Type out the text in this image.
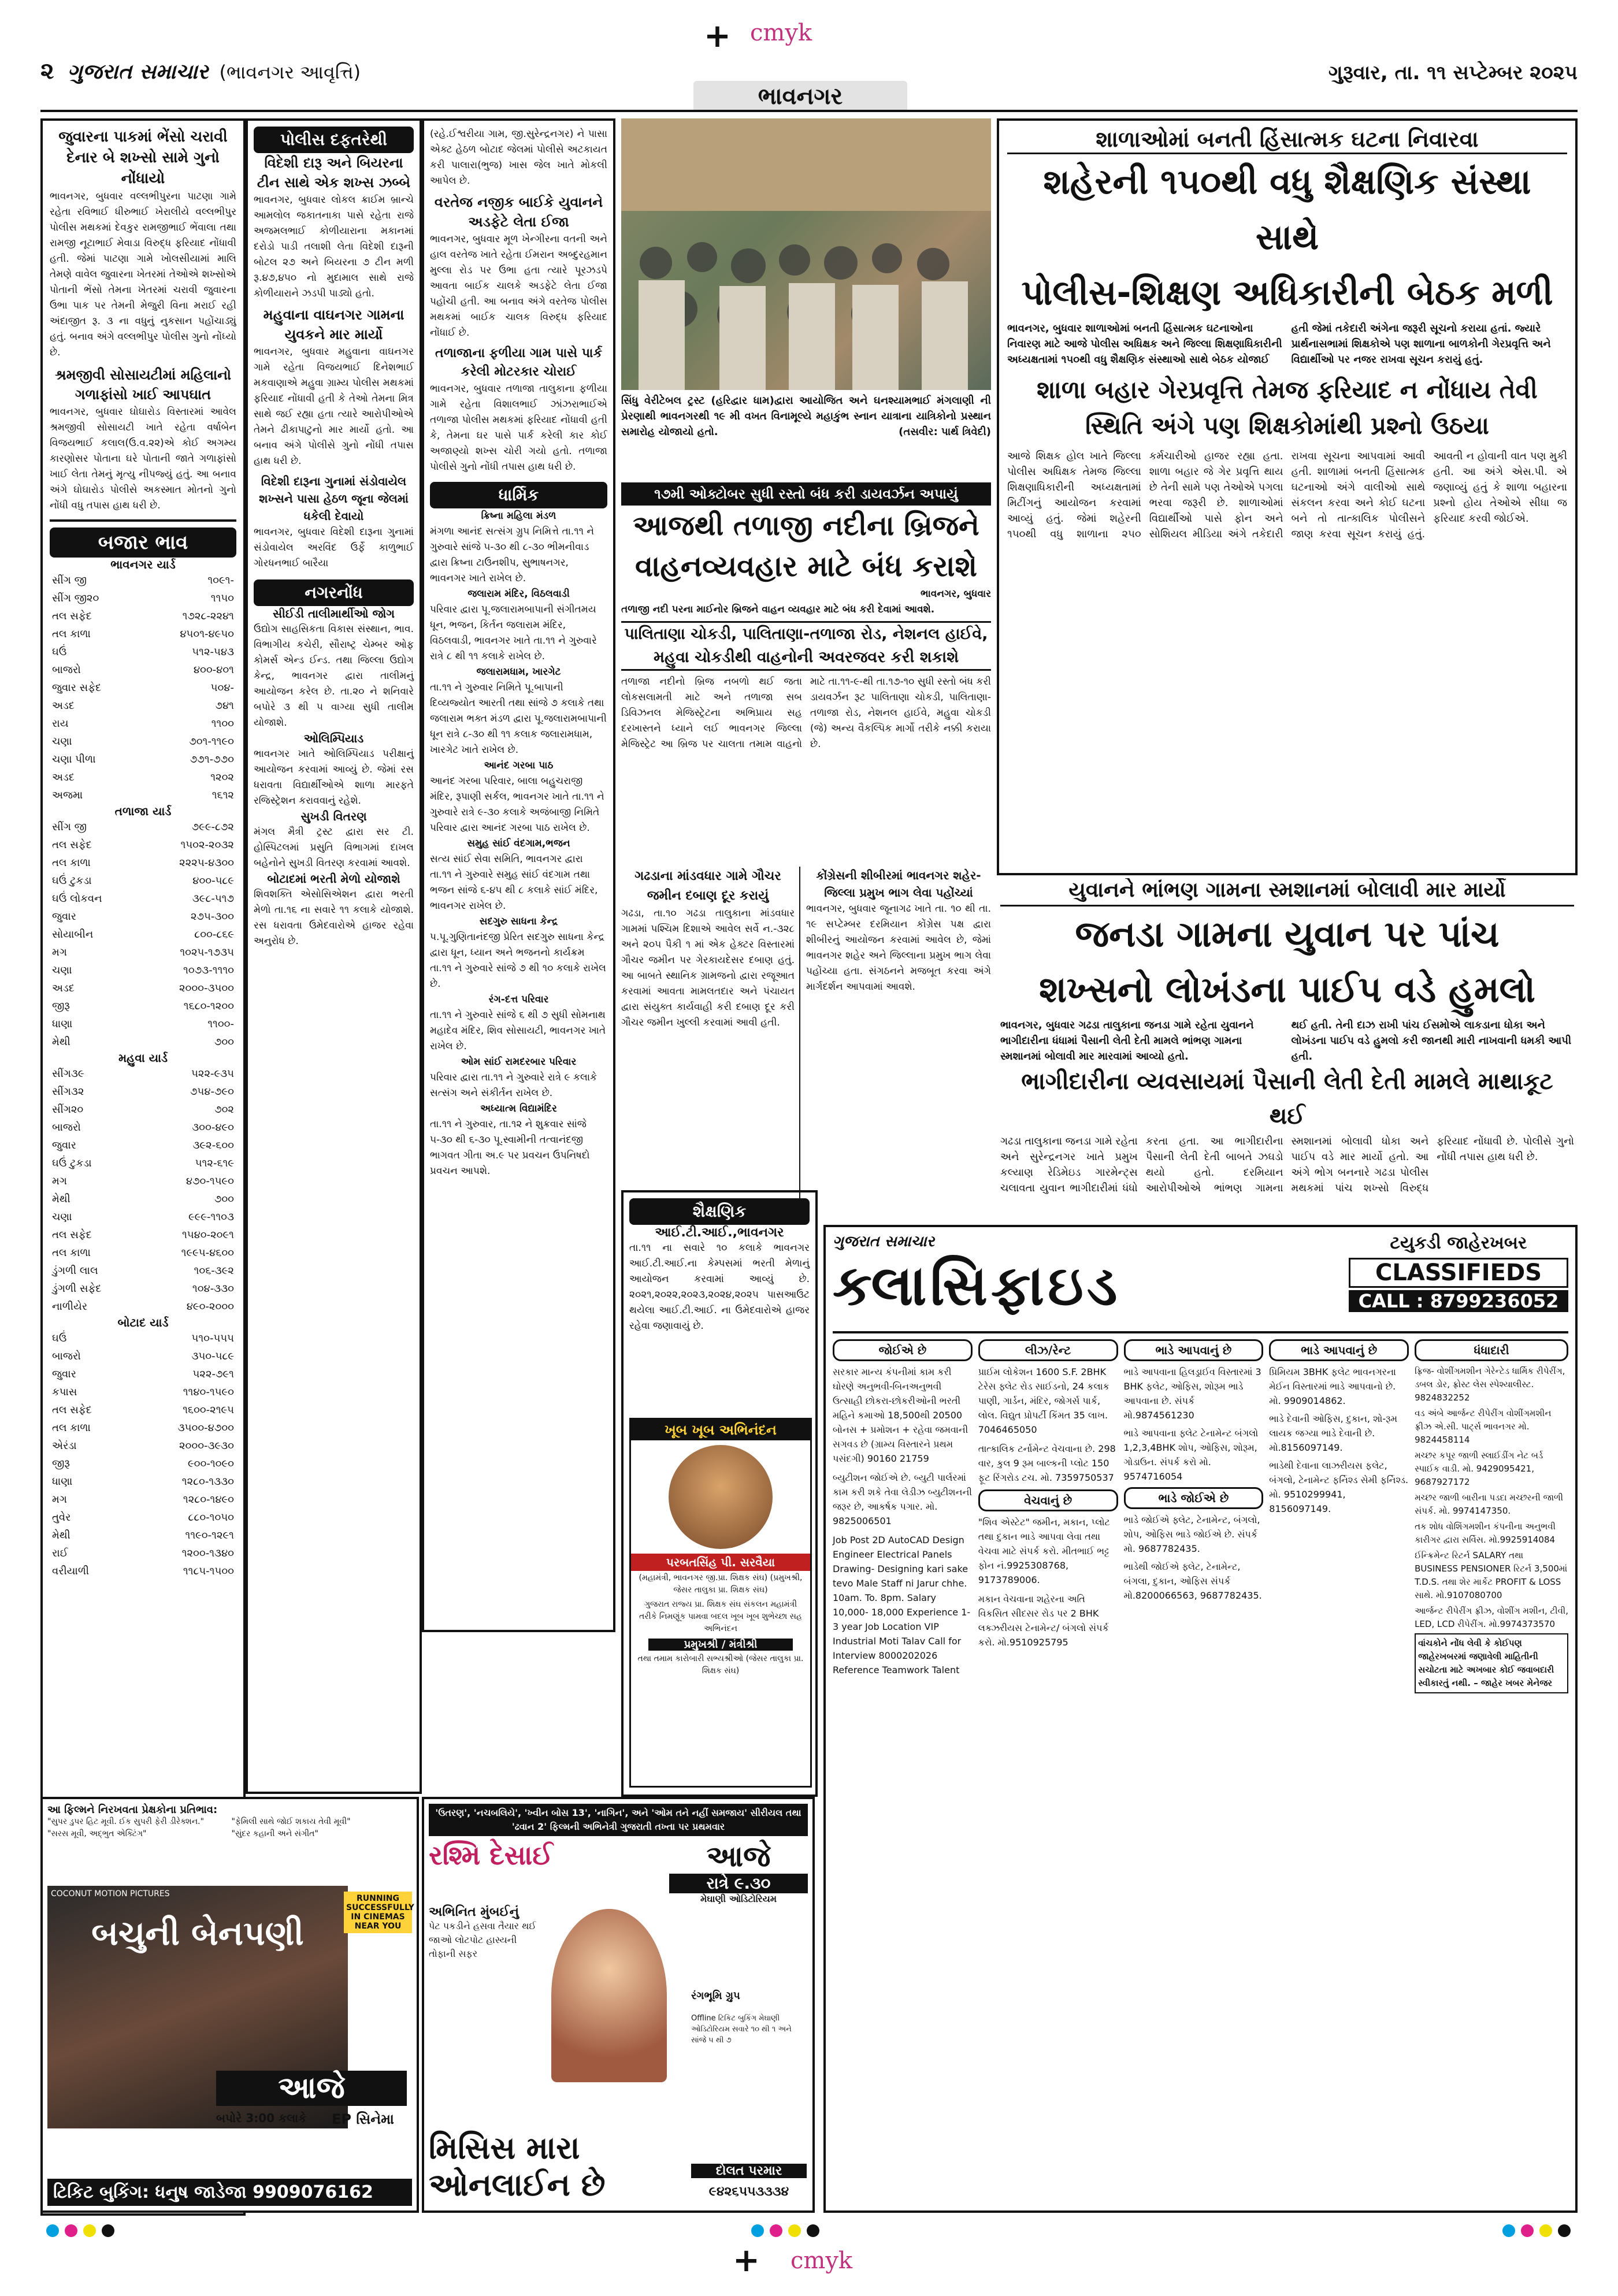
+ cmyk
+ cmyk
૨ ગુજરાત સમાચાર (ભાવનગર આવૃત્તિ)	ગુરૂવાર, તા. ૧૧ સપ્ટેમ્બર ૨૦૨૫
ભાવનગર
જુવારના પાકમાં ભેંસો ચરાવી દેનાર બે શખ્સો સામે ગુનો નોંધાયો
ભાવનગર, બુધવાર વલ્લભીપુરના પાટણા ગામે રહેતા રવિભાઈ ધીરુભાઈ ખેરાલીયે વલ્લભીપુર પોલીસ મથકમાં દેવકુર રામજીભાઈ ભેંવાલા તથા રામજી નૂટાભાઈ મેવાડા વિરુદ્ધ ફરિયાદ નોંધાવી હતી. જેમાં પાટણા ગામે ખોલસીયામાં માલિ તેમણે વાવેલ જુવારના ખેતરમાં તેઓએ શખ્સોએ પોતાની ભેંસો તેમના ખેતરમાં ચરાવી જુવારના ઉભા પાક પર તેમની મેજુરી વિના મરાઈ રહી અંદાજીત રૂ. ૩ ના વધુનું નુકસાન પહોંચાડ્યું હતું. બનાવ અંગે વલ્લભીપુર પોલીસ ગુનો નોંધ્યો છે.
શ્રમજીવી સોસાયટીમાં મહિલાનો ગળાફાંસો ખાઈ આપઘાત
ભાવનગર, બુધવાર ઘોઘારોડ વિસ્તારમાં આવેલ શ્રમજીવી સોસાયટી ખાતે રહેતા વર્ષાબેન વિજયભાઈ કલાલ(ઉ.વ.૨૨)એ કોઈ અગમ્ય કારણોસર પોતાના ઘરે પોતાની જાતે ગળાફાંસો ખાઈ લેતા તેમનું મૃત્યુ નીપજ્યું હતું. આ બનાવ અંગે ઘોઘારોડ પોલીસે અકસ્માત મોતનો ગુનો નોંધી વધુ તપાસ હાથ ધરી છે.
બજાર ભાવ
ભાવનગર યાર્ડ
સીંગ જી	૧૦૯૧-
સીંગ જી૨૦	૧૧૫૦
તલ સફેદ	૧૭૨૮-૨૨૪૧
તલ કાળા	૪૫૦૧-૪૯૫૦
ઘઉં	૫૧૨-૫૪૩
બાજરો	૪૦૦-૪૦૧
જુવાર સફેદ	૫૦૪-
અડદ	૭૪૧
રાય	૧૧૦૦
ચણા	૭૦૧-૧૧૯૦
ચણા પીળા	૭૭૧-૭૭૦
અડદ	૧૨૦૨
અજમા	૧૬૧૨
તળાજા યાર્ડ
સીંગ જી	૭૯૯-૮૭૨
તલ સફેદ	૧૫૦૨-૨૦૩૨
તલ કાળા	૨૨૨૫-૪૩૦૦
ઘઉં ટુકડા	૪૦૦-૫૮૯
ઘઉં લોકવન	૩૯૮-૫૧૭
જુવાર	૨૭૫-૩૦૦
સોયાબીન	૮૦૦-૮૬૯
મગ	૧૦૨૫-૧૭૩૫
ચણા	૧૦૭૩-૧૧૧૦
અડદ	૨૦૦૦-૩૫૦૦
જીરૂ	૧૬૮૦-૧૨૦૦
ધાણા	૧૧૦૦-
મેથી	૭૦૦
મહુવા યાર્ડ
સીંગ૩૯	૫૨૨-૯૩૫
સીંગ૩૨	૭૫૪-૭૯૦
સીંગ૨૦	૭૦૨
બાજરો	૩૦૦-૪૯૦
જુવાર	૩૯૨-૬૦૦
ઘઉં ટુકડા	૫૧૨-૬૧૯
મગ	૪૭૦-૧૫૯૦
મેથી	૭૦૦
ચણા	૯૯૯-૧૧૦૩
તલ સફેદ	૧૫૪૦-૨૦૯૧
તલ કાળા	૧૯૯૫-૪૬૦૦
ડુંગળી લાલ	૧૦૬-૩૯૨
ડુંગળી સફેદ	૧૦૪-૩૩૦
નાળીયેર	૪૯૦-૨૦૦૦
બોટાદ યાર્ડ
ઘઉં	૫૧૦-૫૫૫
બાજરો	૩૫૦-૫૮૯
જુવાર	૫૨૨-૭૯૧
કપાસ	૧૧૪૦-૧૫૯૦
તલ સફેદ	૧૬૦૦-૨૧૯૫
તલ કાળા	૩૫૦૦-૪૭૦૦
એરંડા	૨૦૦૦-૩૯૩૦
જીરૂ	૯૦૦-૧૦૯૦
ધાણા	૧૨૮૦-૧૩૩૦
મગ	૧૨૮૦-૧૪૯૦
તુવેર	૮૮૦-૧૦૫૦
મેથી	૧૧૯૦-૧૨૯૧
રાઈ	૧૨૦૦-૧૩૪૦
વરીયાળી	૧૧૮૫-૧૫૦૦
પોલીસ દફતરેથી
વિદેશી દારૂ અને બિયરના ટીન સાથે એક શખ્સ ઝબ્બે
ભાવનગર, બુધવાર લોકલ ક્રાઈમ બ્રાન્ચે આમલોલ જકાતનાકા પાસે રહેતા રાજે અજમલભાઈ કોળીયારાના મકાનમાં દરોડો પાડી તલાશી લેતા વિદેશી દારૂની બોટલ ૨૭ અને બિયરના ૭ ટીન મળી રૂ.૪૭,૪૫૦ નો મુદામાલ સાથે રાજે કોળીયારાને ઝડપી પાડ્યો હતો.
મહુવાના વાઘનગર ગામના યુવકને માર માર્યો
ભાવનગર, બુધવાર મહુવાના વાઘનગર ગામે રહેતા વિજયભાઈ દિનેશભાઈ મકવાણાએ મહુવા ગ્રામ્ય પોલીસ મથકમાં ફરિયાદ નોંધાવી હતી કે તેઓ તેમના મિત્ર સાથે જઈ રહ્યા હતા ત્યારે આરોપીઓએ તેમને ઢીકાપાટુનો માર માર્યો હતો. આ બનાવ અંગે પોલીસે ગુનો નોંધી તપાસ હાથ ધરી છે.
વિદેશી દારૂના ગુનામાં સંડોવાયેલ શખ્સને પાસા હેઠળ જૂના જેલમાં ધકેલી દેવાયો
ભાવનગર, બુધવાર વિદેશી દારૂના ગુનામાં સંડોવાયેલ અરવિંદ ઉર્ફે કાળુભાઈ ગોરધનભાઈ બારૈયા
નગરનોંધ
સીઈડી તાલીમાર્થીઓ જોગ
ઉદ્યોગ સાહસિકતા વિકાસ સંસ્થાન, ભાવ. વિભાગીય કચેરી, સૌરાષ્ટ્ર ચેમ્બર ઓફ કોમર્સ એન્ડ ઈન્ડ. તથા જિલ્લા ઉદ્યોગ કેન્દ્ર, ભાવનગર દ્વારા તાલીમનું આયોજન કરેલ છે. તા.૨૦ ને શનિવારે બપોરે ૩ થી ૫ વાગ્યા સુધી તાલીમ યોજાશે.
ઓલિમ્પિયાડ
ભાવનગર ખાતે ઓલિમ્પિયાડ પરીક્ષાનું આયોજન કરવામાં આવ્યું છે. જેમાં રસ ધરાવતા વિદ્યાર્થીઓએ શાળા મારફતે રજિસ્ટ્રેશન કરાવવાનું રહેશે.
સુખડી વિતરણ
મંગલ મૈત્રી ટ્રસ્ટ દ્વારા સર ટી. હોસ્પિટલમાં પ્રસુતિ વિભાગમાં દાખલ બહેનોને સુખડી વિતરણ કરવામાં આવશે.
બોટાદમાં ભરતી મેળો યોજાશે
શિવશક્તિ એસોસિએશન દ્વારા ભરતી મેળો તા.૧૬ ના સવારે ૧૧ કલાકે યોજાશે. રસ ધરાવતા ઉમેદવારોએ હાજર રહેવા અનુરોધ છે.
(રહે.ઈશ્વરીયા ગામ, જી.સુરેન્દ્રનગર) ને પાસા એક્ટ હેઠળ બોટાદ જેલમાં પોલીસે અટકાયત કરી પાલારા(ભુજ) ખાસ જેલ ખાતે મોકલી આપેલ છે.
વરતેજ નજીક બાઈકે યુવાનને અડફેટે લેતા ઈજા
ભાવનગર, બુધવાર મૂળ ખેન્ગીરના વતની અને હાલ વરતેજ ખાતે રહેતા ઈમરાન અબ્દુરહમાન મુલ્લા રોડ પર ઉભા હતા ત્યારે પૂરઝડપે આવતા બાઈક ચાલકે અડફેટે લેતા ઈજા પહોંચી હતી. આ બનાવ અંગે વરતેજ પોલીસ મથકમાં બાઈક ચાલક વિરુદ્ધ ફરિયાદ નોંધાઈ છે.
તળાજાના ફળીયા ગામ પાસે પાર્ક કરેલી મોટરકાર ચોરાઈ
ભાવનગર, બુધવાર તળાજા તાલુકાના ફળીયા ગામે રહેતા વિશાલભાઈ ઝાંઝરાભાઈએ તળાજા પોલીસ મથકમાં ફરિયાદ નોંધાવી હતી કે, તેમના ઘર પાસે પાર્ક કરેલી કાર કોઈ અજાણ્યો શખ્સ ચોરી ગયો હતો. તળાજા પોલીસે ગુનો નોંધી તપાસ હાથ ધરી છે.
ધાર્મિક
ક્રિષ્ના મહિલા મંડળ
મંગળા આનંદ સત્સંગ ગ્રુપ નિમિત્તે તા.૧૧ ને ગુરુવારે સાંજે ૫-૩૦ થી ૮-૩૦ ભીમનીવાડ દ્વારા ક્રિષ્ના ટાઉનશીપ, સુભાષનગર, ભાવનગર ખાતે રાખેલ છે.
જલારામ મંદિર, વિઠલવાડી
પરિવાર દ્વારા પૂ.જલારામબાપાની સંગીતમય ધૂન, ભજન, કિર્તન જલારામ મંદિર, વિઠલવાડી, ભાવનગર ખાતે તા.૧૧ ને ગુરુવારે રાત્રે ૮ થી ૧૧ કલાકે રાખેલ છે.
જલારામધામ, ખારગેટ
તા.૧૧ ને ગુરુવાર નિમિતે પૂ.બાપાની દિવ્યજ્યોત આરતી તથા સાંજે ૭ કલાકે તથા જલારામ ભક્ત મંડળ દ્વારા પૂ.જલારામબાપાની ધૂન રાત્રે ૮-૩૦ થી ૧૧ કલાક જલારામધામ, ખારગેટ ખાતે રાખેલ છે.
આનંદ ગરબા પાઠ
આનંદ ગરબા પરિવાર, બાલા બહુચરાજી મંદિર, રૂપાણી સર્કલ, ભાવનગર ખાતે તા.૧૧ ને ગુરુવારે રાત્રે ૯-૩૦ કલાકે અજંબાજી નિમિતે પરિવાર દ્વારા આનંદ ગરબા પાઠ રાખેલ છે.
સમુહ સાંઈ વંદગામ,ભજન
સત્ય સાંઈ સેવા સમિતિ, ભાવનગર દ્વારા તા.૧૧ ને ગુરુવારે સમુહ સાંઈ વંદગામ તથા ભજન સાંજે ૬-૪૫ થી ૮ કલાકે સાંઈ મંદિર, ભાવનગર રાખેલ છે.
સદગુરુ સાધના કેન્દ્ર
પ.પૂ.ગુણિતાનંદજી પ્રેરિત સદગુરુ સાધના કેન્દ્ર દ્વારા ધૂન, ધ્યાન અને ભજનનો કાર્યક્રમ તા.૧૧ ને ગુરુવારે સાંજે ૭ થી ૧૦ કલાકે રાખેલ છે.
રંગ-દત્ત પરિવાર
તા.૧૧ ને ગુરુવારે સાંજે ૬ થી ૭ સુધી સોમનાથ મહાદેવ મંદિર, શિવ સોસાયટી, ભાવનગર ખાતે રાખેલ છે.
ઓમ સાંઈ રામદરબાર પરિવાર
પરિવાર દ્વારા તા.૧૧ ને ગુરુવારે રાત્રે ૯ કલાકે સત્સંગ અને સંકીર્તન રાખેલ છે.
અધ્યાત્મ વિદ્યામંદિર
તા.૧૧ ને ગુરુવાર, તા.૧૨ ને શુક્રવાર સાંજે ૫-૩૦ થી ૬-૩૦ પૂ.સ્વામીની તત્વાનંદજી ભાગવત ગીતા અ.૯ પર પ્રવચન ઉપનિષદો પ્રવચન આપશે.
સિંધુ વેરીટેબલ ટ્રસ્ટ (હરિદ્વાર ધામ)દ્વારા આયોજિત અને ઘનશ્યામભાઈ મંગલાણી ની પ્રેરણાથી ભાવનગરથી ૧૯ મી વખત વિનામૂલ્યે મહાકુંભ સ્નાન યાત્રાના યાત્રિકોનો પ્રસ્થાન સમારોહ યોજાયો હતો.	(તસવીર: પાર્થ ત્રિવેદી)
૧૭મી ઓક્ટોબર સુધી રસ્તો બંધ કરી ડાયવર્ઝન અપાયું
આજથી તળાજી નદીના બ્રિજને
વાહનવ્યવહાર માટે બંધ કરાશે
ભાવનગર, બુધવાર
તળાજી નદી પરના માઈનોર બ્રિજને વાહન વ્યવહાર માટે બંધ કરી દેવામાં આવશે.
પાલિતાણા ચોકડી, પાલિતાણા-તળાજા રોડ, નેશનલ હાઈવે, મહુવા ચોકડીથી વાહનોની અવરજવર કરી શકાશે
તળાજા નદીનો બ્રિજ નબળો થઈ જતા લોકસલામતી માટે અને તળાજા સબ ડિવિઝનલ મેજિસ્ટ્રેટના અભિપ્રાય સહ દરખાસ્તને ધ્યાને લઈ ભાવનગર જિલ્લા મેજિસ્ટ્રેટ આ બ્રિજ પર ચાલતા તમામ વાહનો માટે તા.૧૧-૯-થી તા.૧૭-૧૦ સુધી રસ્તો બંધ કરી ડાયવર્ઝન રૂટ પાલિતાણા ચોકડી, પાલિતાણા-તળાજા રોડ, નેશનલ હાઈવે, મહુવા ચોકડી (જે) અન્ય વૈકલ્પિક માર્ગો તરીકે નક્કી કરાયા છે.
ગઢડાના માંડવધાર ગામે ગૌચર જમીન દબાણ દૂર કરાયું
ગઢડા, તા.૧૦ ગઢડા તાલુકાના માંડવધાર ગામમાં પશ્ચિમ દિશાએ આવેલ સર્વે ન.-૩૨૮ અને ૨૦૫ પૈકી ૧ માં એક હેક્ટર વિસ્તારમાં ગૌચર જમીન પર ગેરકાયદેસર દબાણ હતું. આ બાબતે સ્થાનિક ગ્રામજનો દ્વારા રજૂઆત કરવામાં આવતા મામલતદાર અને પંચાયત દ્વારા સંયુક્ત કાર્યવાહી કરી દબાણ દૂર કરી ગૌચર જમીન ખુલ્લી કરવામાં આવી હતી.
કોંગ્રેસની શીબીરમાં ભાવનગર શહેર-જિલ્લા પ્રમુખ ભાગ લેવા પહોંચ્યાં
ભાવનગર, બુધવાર જૂનાગઢ ખાતે તા. ૧૦ થી તા. ૧૯ સપ્ટેમ્બર દરમિયાન કોંગ્રેસ પક્ષ દ્વારા શીબીરનું આયોજન કરવામાં આવેલ છે, જેમાં ભાવનગર શહેર અને જિલ્લાના પ્રમુખ ભાગ લેવા પહોંચ્યા હતા. સંગઠનને મજબૂત કરવા અંગે માર્ગદર્શન આપવામાં આવશે.
શાળાઓમાં બનતી હિંસાત્મક ઘટના નિવારવા
શહેરની ૧૫૦થી વધુ શૈક્ષણિક સંસ્થા સાથે
પોલીસ-શિક્ષણ અધિકારીની બેઠક મળી
ભાવનગર, બુધવાર શાળાઓમાં બનતી હિંસાત્મક ઘટનાઓના નિવારણ માટે આજે પોલીસ અધિક્ષક અને જિલ્લા શિક્ષણાધિકારીની અધ્યક્ષતામાં ૧૫૦થી વધુ શૈક્ષણિક સંસ્થાઓ સાથે બેઠક યોજાઈ
હતી જેમાં તકેદારી અંગેના જરૂરી સૂચનો કરાયા હતાં. જ્યારે પ્રાર્થનાસભામાં શિક્ષકોએ પણ શાળાના બાળકોની ગેરપ્રવૃત્તિ અને વિદ્યાર્થીઓ પર નજર રાખવા સૂચન કરાયું હતું.
શાળા બહાર ગેરપ્રવૃત્તિ તેમજ ફરિયાદ ન નોંધાય તેવી સ્થિતિ અંગે પણ શિક્ષકોમાંથી પ્રશ્નો ઉઠયા
આજે શિક્ષક હોલ ખાતે જિલ્લા પોલીસ અધિક્ષક તેમજ જિલ્લા શિક્ષણાધિકારીની અધ્યક્ષતામાં મિટીંગનું આયોજન કરવામાં આવ્યું હતું. જેમાં શહેરની ૧૫૦થી વધુ શાળાના ૨૫૦ કર્મચારીઓ હાજર રહ્યા હતા. શાળા બહાર જે ગેર પ્રવૃત્તિ થાય છે તેની સામે પણ તેઓએ પગલા ભરવા જરૂરી છે. શાળાઓમાં વિદ્યાર્થીઓ પાસે ફોન અને સોશિયલ મીડિયા અંગે તકેદારી રાખવા સૂચના આપવામાં આવી હતી. શાળામાં બનતી હિંસાત્મક ઘટનાઓ અંગે વાલીઓ સાથે સંકલન કરવા અને કોઈ ઘટના બને તો તાત્કાલિક પોલીસને જાણ કરવા સૂચન કરાયું હતું. આવતી ન હોવાની વાત પણ મુકી હતી. આ અંગે એસ.પી. એ જણાવ્યું હતું કે શાળા બહારના પ્રશ્નો હોય તેઓએ સીધા જ ફરિયાદ કરવી જોઈએ.
યુવાનને ભાંભણ ગામના સ્મશાનમાં બોલાવી માર માર્યો
જનડા ગામના યુવાન પર પાંચ
શખ્સનો લોખંડના પાઈપ વડે હુમલો
ભાવનગર, બુધવાર ગઢડા તાલુકાના જનડા ગામે રહેતા યુવાનને ભાગીદારીના ધંધામાં પૈસાની લેતી દેતી મામલે ભાંભણ ગામના સ્મશાનમાં બોલાવી માર મારવામાં આવ્યો હતો.
થઈ હતી. તેની દાઝ રાખી પાંચ ઈસમોએ લાકડાના ધોકા અને લોખંડના પાઈપ વડે હુમલો કરી જાનથી મારી નાખવાની ધમકી આપી હતી.
ભાગીદારીના વ્યવસાયમાં પૈસાની લેતી દેતી મામલે માથાકૂટ થઈ
ગઢડા તાલુકાના જનડા ગામે રહેતા અને સુરેન્દ્રનગર ખાતે પ્રમુખ કલ્યાણ રેડિમેઇડ ગારમેન્ટ્સ ચલાવતા યુવાન ભાગીદારીમાં ધંધો કરતા હતા. આ ભાગીદારીના પૈસાની લેતી દેતી બાબતે ઝઘડો થયો હતો. દરમિયાન આરોપીઓએ ભાંભણ ગામના સ્મશાનમાં બોલાવી ધોકા અને પાઈપ વડે માર માર્યો હતો. આ અંગે ભોગ બનનારે ગઢડા પોલીસ મથકમાં પાંચ શખ્સો વિરુદ્ધ ફરિયાદ નોંધાવી છે. પોલીસે ગુનો નોંધી તપાસ હાથ ધરી છે.
શૈક્ષણિક
આઈ.ટી.આઈ.,ભાવનગર
તા.૧૧ ના સવારે ૧૦ કલાકે ભાવનગર આઈ.ટી.આઈ.ના કેમ્પસમાં ભરતી મેળાનું આયોજન કરવામાં આવ્યું છે. ૨૦૨૧,૨૦૨૨,૨૦૨૩,૨૦૨૪,૨૦૨૫ પાસઆઉટ થયેલા આઈ.ટી.આઈ. ના ઉમેદવારોએ હાજર રહેવા જણાવાયું છે.
ખૂબ ખૂબ અભિનંદન
પરબતસિંહ પી. સરવૈયા
(મહામંત્રી, ભાવનગર જી.પ્રા. શિક્ષક સંઘ) (પ્રમુખશ્રી, જેસર તાલુકા પ્રા. શિક્ષક સંઘ)
ગુજરાત રાજ્ય પ્રા. શિક્ષક સંઘ સંકલન મહામંત્રી તરીકે નિમણૂંક પામવા બદલ ખૂબ ખૂબ શુભેચ્છા સહ અભિનંદન
પ્રમુખશ્રી / મંત્રીશ્રી
તથા તમામ કારોબારી સભ્યશ્રીઓ (જેસર તાલુકા પ્રા. શિક્ષક સંઘ)
ગુજરાત સમાચાર
ક્લાસિફાઇડ
ટયુકડી જાહેરખબર
CLASSIFIEDS
CALL : 8799236052
જોઈએ છે
સરકાર માન્ય કંપનીમાં કામ કરી ઘોરણે અનુભવી-બિનઅનુભવી ઉત્સાહી છોકરા-છોકરીઓની ભરતી મહિને કમાઓ 18,500થી 20500 બોનસ + પ્રમોશન + રહેવા જમવાની સગવડ છે (ગ્રામ્ય વિસ્તારને પ્રથમ પસંદગી) 90160 21759
બ્યુટીશન જોઈએ છે. બ્યુટી પાર્લરમાં કામ કરી શકે તેવા લેડીઝ બ્યુટીશનની જરૂર છે, આકર્ષક પગાર. મો. 9825006501
Job Post 2D AutoCAD Design Engineer Electrical Panels Drawing- Designing kari sake tevo Male Staff ni Jarur chhe. 10am. To. 8pm. Salary 10,000- 18,000 Experience 1- 3 year Job Location VIP Industrial Moti Talav Call for Interview 8000202026 Reference Teamwork Talent
લીઝ/રેન્ટ
પ્રાઈમ લોકેશન 1600 S.F. 2BHK ટેરેસ ફ્લેટ રોડ સાઈડનો, 24 કલાક પાણી, ગાર્ડન, મંદિર, જોગર્સ પાર્ક, લોલ. વિદ્યુત પ્રોપર્ટી કિંમત 35 લાખ. 7046465050
તાત્કાલિક ટર્નામેન્ટ વેચવાના છે. 298 વાર, કુલ 9 રૂમ બાલ્કની પ્લોટ 150 ફૂટ રિંગરોડ ટચ. મો. 7359750537
વેચવાનું છે
"શિવ એસ્ટેટ" જમીન, મકાન, પ્લોટ તથા દુકાન ભાડે આપવા લેવા તથા વેચવા માટે સંપર્ક કરો. મીતભાઈ ભટ્ટ ફોન નં.9925308768, 9173789006.
મકાન વેચવાના શહેરના અતિ વિકસિત સીદસર રોડ પર 2 BHK લક્ઝરીયસ ટેનામેન્ટ/ બંગલો સંપર્ક કરો. મો.9510925795
ભાડે આપવાનું છે
ભાડે આપવાના હિલડ્રાઈવ વિસ્તારમાં 3 BHK ફલેટ, ઓફિસ, શોરૂમ ભાડે આપવાના છે. સંપર્ક મો.9874561230
ભાડે આપવાના ફ્લેટ ટેનામેન્ટ બંગલો 1,2,3,4BHK શોપ, ઓફિસ, શોરૂમ, ગોડાઉન. સંપર્ક કરો મો. 9574716054
ભાડે જોઈએ છે
ભાડે જોઈએ ફ્લેટ, ટેનામેન્ટ, બંગલો, શોપ, ઓફિસ ભાડે જોઈએ છે. સંપર્ક મો. 9687782435.
ભાડેથી જોઈએ ફ્લેટ, ટેનામેન્ટ, બંગલા, દુકાન, ઓફિસ સંપર્ક મો.8200066563, 9687782435.
ભાડે આપવાનું છે
પ્રિમિયમ 3BHK ફલેટ ભાવનગરના મેઈન વિસ્તારમાં ભાડે આપવાનો છે. મો. 9909014862.
ભાડે દેવાની ઓફિસ, દુકાન, શો-રૂમ લાયક જગ્યા ભાડે દેવાની છે. મો.8156097149.
ભાડેથી દેવાના લાઝરીયસ ફલેટ, બંગલો, ટેનામેન્ટ ફર્નિશ્ડ સેમી ફર્નિશ્ડ. મો. 9510299941, 8156097149.
ધંધાદારી
ફ્રિજ- વોશીંગમશીન ગેરેન્ટેડ ધાર્મિક રીપેરીંગ, ડબલ ડોર, ફ્રોસ્ટ લેસ સ્પેશ્યાલીસ્ટ. 9824832252
વડ અંબે આર્જન્ટ રીપેરીંગ વોશીંગમશીન ફ્રીઝ એ.સી. પાર્ટ્સ ભાવનગર મો. 9824458114
મચ્છર કપૂર જાળી સ્લાઈડીંગ નેટ બર્ડ સ્પાઈક વાડી. મો. 9429095421, 9687927172
મચ્છર જાળી બારીના પડદા મચ્છરની જાળી સંપર્ક. મો. 9974147350.
તક શોધ વોશિંગમશીન કંપનીના અનુભવી કારીગર દ્વારા સર્વિસ. મો.9925914084
ઈન્ક્રિમેન્ટ રિટર્ન SALARY તથા BUSINESS PENSIONER રિટર્ન 3,500માં T.D.S. તથા શેર માર્કેટ PROFIT & LOSS સાથે. મો.9107080700
આર્જન્ટ રીપેરીંગ ફ્રીઝ, વોશીંગ મશીન, ટીવી, LED, LCD રીપેરીંગ. મો.9974373570
વાંચકોને નોંધ લેવી કે કોઈપણ જાહેરખબરમાં જણાવેલી માહિતીની સચોટતા માટે અખબાર કોઈ જવાબદારી સ્વીકારતું નથી. – જાહેર ખબર મેનેજર
આ ફિલ્મને નિરખવતા પ્રેક્ષકોના પ્રતિભાવ:
"સુપર ડુપર હિટ મૂવી. ઈક સુપરી ફેરી ડીરેક્શન."	"ફેમિલી સાથે જોઈ શકાય તેવી મૂવી"
"સરસ મૂવી, અદ્ભુત એક્ટિંગ"	"સુંદર કહાની અને સંગીત"
COCONUT MOTION PICTURES
બચુની બેનપણી
RUNNING SUCCESSFULLY IN CINEMAS NEAR YOU
આજે
બપોરે 3:00 કલાકે	EP સિનેમા
ટિકિટ બુકિંગ: ધનુષ જાડેજા 9909076162
'ઉતરણ', 'નચબલિયે', 'ખ્વીન બોસ 13', 'નાગિન', અને 'ઓમ તને નહીં સમજાય' સીરીયલ તથા 'ઢવાન 2' ફિલ્મની અભિનેત્રી ગુજરાતી તખ્તા પર પ્રથમવાર
રશ્મિ દેસાઈ	આજે
રાત્રે ૯.૩૦
મેઘાણી ઓડિટોરિયમ
અભિનિત મુંબઈનું
પેટ પકડીને હસવા તૈયાર થઈ જાઓ લોટપોટ હાસ્યની તોફાની સફર
રંગભૂમિ ગ્રુપ
Offline ટિકિટ બુકિંગ મેઘાણી ઓડિટોરિયમ સવારે ૧૦ થી ૧ અને સાંજે ૫ થી ૭
મિસિસ મારા ઓનલાઈન છે	દોલત પરમાર
૯૪૨૬૫૫૩૩૩૪
